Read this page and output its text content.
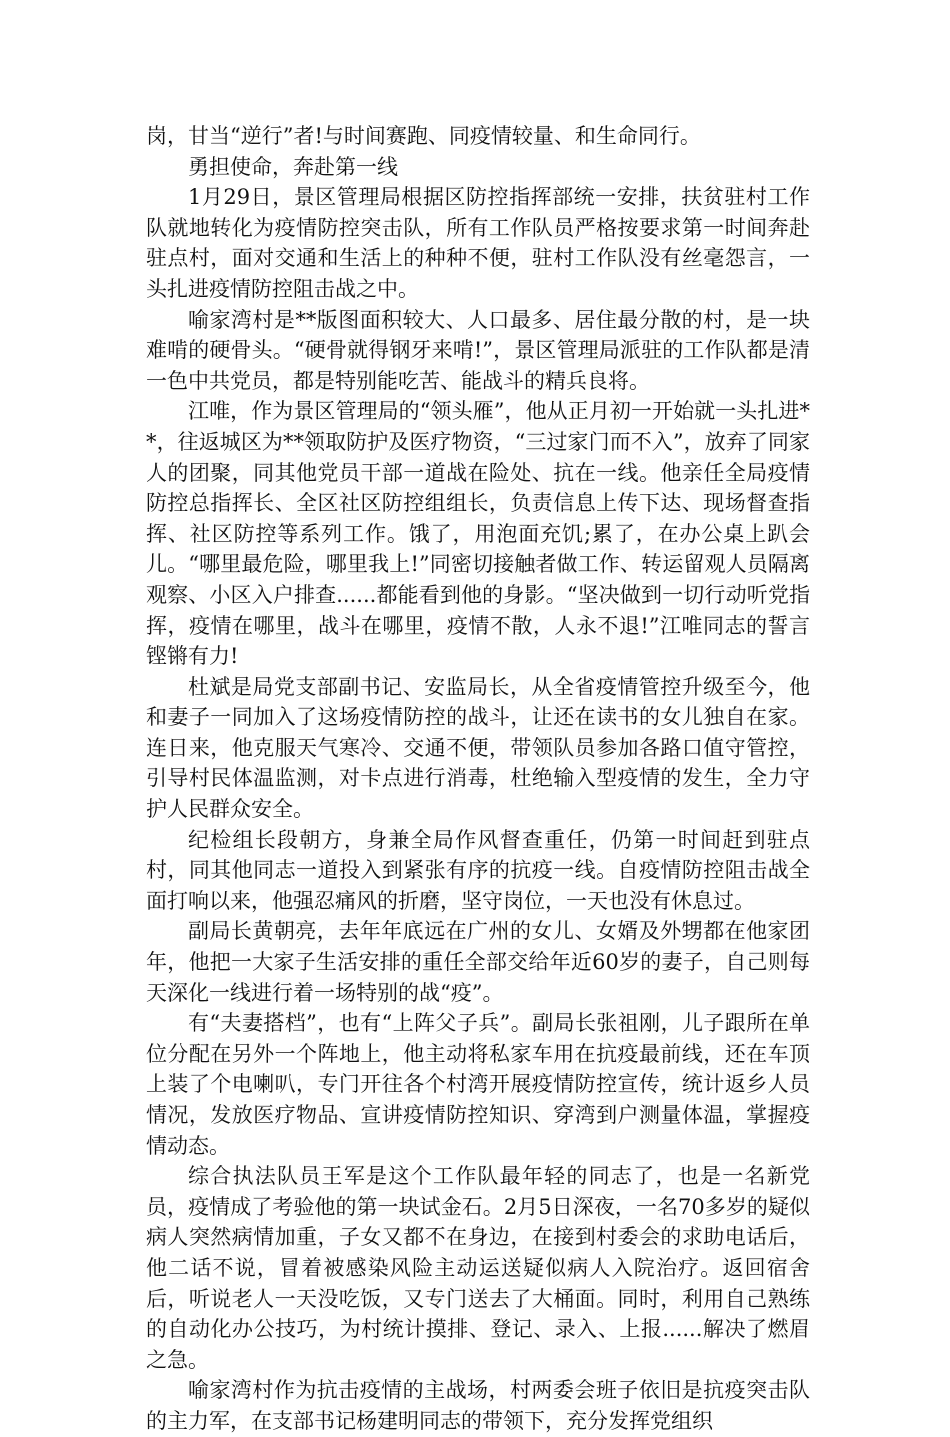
岗，甘当“逆行”者!与时间赛跑、同疫情较量、和生命同行。

勇担使命，奔赴第一线

1月29日，景区管理局根据区防控指挥部统一安排，扶贫驻村工作队就地转化为疫情防控突击队，所有工作队员严格按要求第一时间奔赴驻点村，面对交通和生活上的种种不便，驻村工作队没有丝毫怨言，一头扎进疫情防控阻击战之中。

喻家湾村是**版图面积较大、人口最多、居住最分散的村，是一块难啃的硬骨头。“硬骨就得钢牙来啃!”，景区管理局派驻的工作队都是清一色中共党员，都是特别能吃苦、能战斗的精兵良将。

江唯，作为景区管理局的“领头雁”，他从正月初一开始就一头扎进**，往返城区为**领取防护及医疗物资，“三过家门而不入”，放弃了同家人的团聚，同其他党员干部一道战在险处、抗在一线。他亲任全局疫情防控总指挥长、全区社区防控组组长，负责信息上传下达、现场督查指挥、社区防控等系列工作。饿了，用泡面充饥;累了，在办公桌上趴会儿。“哪里最危险，哪里我上!”同密切接触者做工作、转运留观人员隔离观察、小区入户排查......都能看到他的身影。“坚决做到一切行动听党指挥，疫情在哪里，战斗在哪里，疫情不散，人永不退!”江唯同志的誓言铿锵有力!

杜斌是局党支部副书记、安监局长，从全省疫情管控升级至今，他和妻子一同加入了这场疫情防控的战斗，让还在读书的女儿独自在家。连日来，他克服天气寒冷、交通不便，带领队员参加各路口值守管控，引导村民体温监测，对卡点进行消毒，杜绝输入型疫情的发生，全力守护人民群众安全。

纪检组长段朝方，身兼全局作风督查重任，仍第一时间赶到驻点村，同其他同志一道投入到紧张有序的抗疫一线。自疫情防控阻击战全面打响以来，他强忍痛风的折磨，坚守岗位，一天也没有休息过。

副局长黄朝亮，去年年底远在广州的女儿、女婿及外甥都在他家团年，他把一大家子生活安排的重任全部交给年近60岁的妻子，自己则每天深化一线进行着一场特别的战“疫”。

有“夫妻搭档”，也有“上阵父子兵”。副局长张祖刚，儿子跟所在单位分配在另外一个阵地上，他主动将私家车用在抗疫最前线，还在车顶上装了个电喇叭，专门开往各个村湾开展疫情防控宣传，统计返乡人员情况，发放医疗物品、宣讲疫情防控知识、穿湾到户测量体温，掌握疫情动态。

综合执法队员王军是这个工作队最年轻的同志了，也是一名新党员，疫情成了考验他的第一块试金石。2月5日深夜，一名70多岁的疑似病人突然病情加重，子女又都不在身边，在接到村委会的求助电话后，他二话不说，冒着被感染风险主动运送疑似病人入院治疗。返回宿舍后，听说老人一天没吃饭，又专门送去了大桶面。同时，利用自己熟练的自动化办公技巧，为村统计摸排、登记、录入、上报......解决了燃眉之急。

喻家湾村作为抗击疫情的主战场，村两委会班子依旧是抗疫突击队的主力军，在支部书记杨建明同志的带领下，充分发挥党组织
